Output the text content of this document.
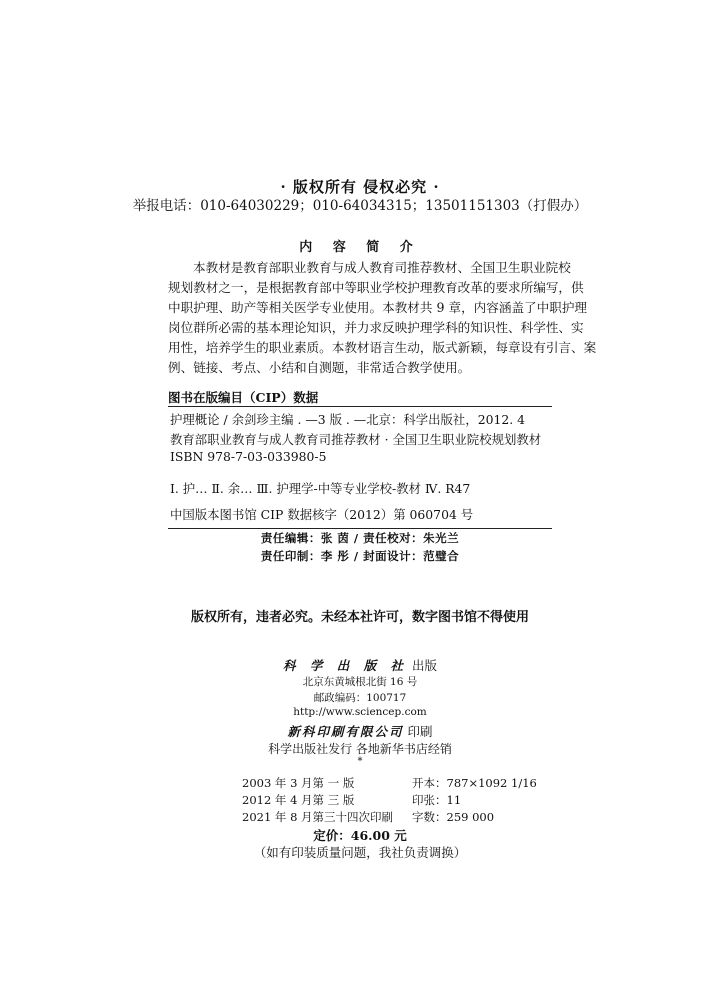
· 版权所有 侵权必究 ·
举报电话：010-64030229；010-64034315；13501151303（打假办）
内 容 简 介
本教材是教育部职业教育与成人教育司推荐教材、全国卫生职业院校
规划教材之一，是根据教育部中等职业学校护理教育改革的要求所编写，供
中职护理、助产等相关医学专业使用。本教材共 9 章，内容涵盖了中职护理
岗位群所必需的基本理论知识，并力求反映护理学科的知识性、科学性、实
用性，培养学生的职业素质。本教材语言生动，版式新颖，每章设有引言、案
例、链接、考点、小结和自测题，非常适合教学使用。
图书在版编目（CIP）数据
护理概论 / 余剑珍主编 . —3 版 . —北京：科学出版社，2012. 4
教育部职业教育与成人教育司推荐教材 · 全国卫生职业院校规划教材
ISBN 978-7-03-033980-5
Ⅰ. 护… Ⅱ. 余… Ⅲ. 护理学-中等专业学校-教材 Ⅳ. R47
中国版本图书馆 CIP 数据核字（2012）第 060704 号
责任编辑：张 茵 / 责任校对：朱光兰
责任印制：李 彤 / 封面设计：范璧合
版权所有，违者必究。未经本社许可，数字图书馆不得使用
科 学 出 版 社 出版
北京东黄城根北街 16 号
邮政编码：100717
http://www.sciencep.com
新科印刷有限公司 印刷
科学出版社发行 各地新华书店经销
*
2003 年 3 月第 一 版	开本：787×1092 1/16
2012 年 4 月第 三 版	印张：11
2021 年 8 月第三十四次印刷 字数：259 000
定价：46.00 元
（如有印装质量问题，我社负责调换）
